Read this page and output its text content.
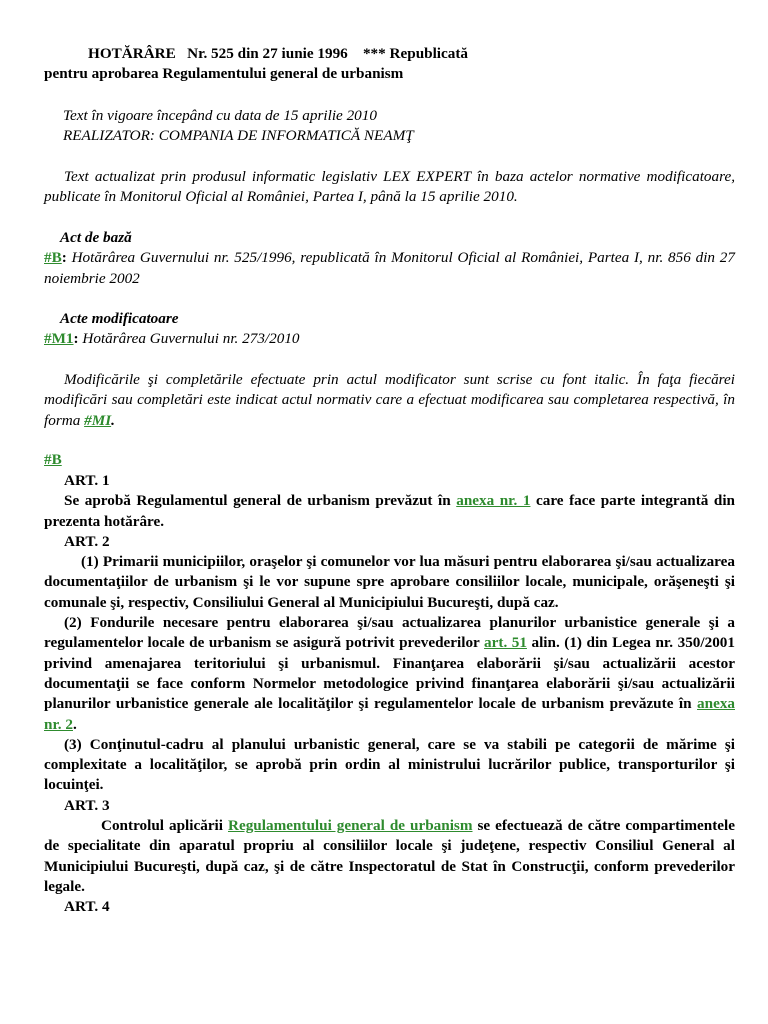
HOTĂRÂRE   Nr. 525 din 27 iunie 1996    *** Republicată

pentru aprobarea Regulamentului general de urbanism

Text în vigoare începând cu data de 15 aprilie 2010

REALIZATOR: COMPANIA DE INFORMATICĂ NEAMŢ

Text actualizat prin produsul informatic legislativ LEX EXPERT în baza actelor normative modificatoare, publicate în Monitorul Oficial al României, Partea I, până la 15 aprilie 2010.

Act de bază

#B: Hotărârea Guvernului nr. 525/1996, republicată în Monitorul Oficial al României, Partea I, nr. 856 din 27 noiembrie 2002

Acte modificatoare

#M1: Hotărârea Guvernului nr. 273/2010

Modificările şi completările efectuate prin actul modificator sunt scrise cu font italic. În faţa fiecărei modificări sau completări este indicat actul normativ care a efectuat modificarea sau completarea respectivă, în forma #MI.

#B

ART. 1

Se aprobă Regulamentul general de urbanism prevăzut în anexa nr. 1 care face parte integrantă din prezenta hotărâre.

ART. 2

(1) Primarii municipiilor, oraşelor şi comunelor vor lua măsuri pentru elaborarea şi/sau actualizarea documentaţiilor de urbanism şi le vor supune spre aprobare consiliilor locale, municipale, orăşeneşti şi comunale şi, respectiv, Consiliului General al Municipiului Bucureşti, după caz.

(2) Fondurile necesare pentru elaborarea şi/sau actualizarea planurilor urbanistice generale şi a regulamentelor locale de urbanism se asigură potrivit prevederilor art. 51 alin. (1) din Legea nr. 350/2001 privind amenajarea teritoriului şi urbanismul. Finanţarea elaborării şi/sau actualizării acestor documentaţii se face conform Normelor metodologice privind finanţarea elaborării şi/sau actualizării planurilor urbanistice generale ale localităţilor şi regulamentelor locale de urbanism prevăzute în anexa nr. 2.

(3) Conţinutul-cadru al planului urbanistic general, care se va stabili pe categorii de mărime şi complexitate a localităţilor, se aprobă prin ordin al ministrului lucrărilor publice, transporturilor şi locuinţei.

ART. 3

Controlul aplicării Regulamentului general de urbanism se efectuează de către compartimentele de specialitate din aparatul propriu al consiliilor locale şi judeţene, respectiv Consiliul General al Municipiului Bucureşti, după caz, şi de către Inspectoratul de Stat în Construcţii, conform prevederilor legale.

ART. 4
